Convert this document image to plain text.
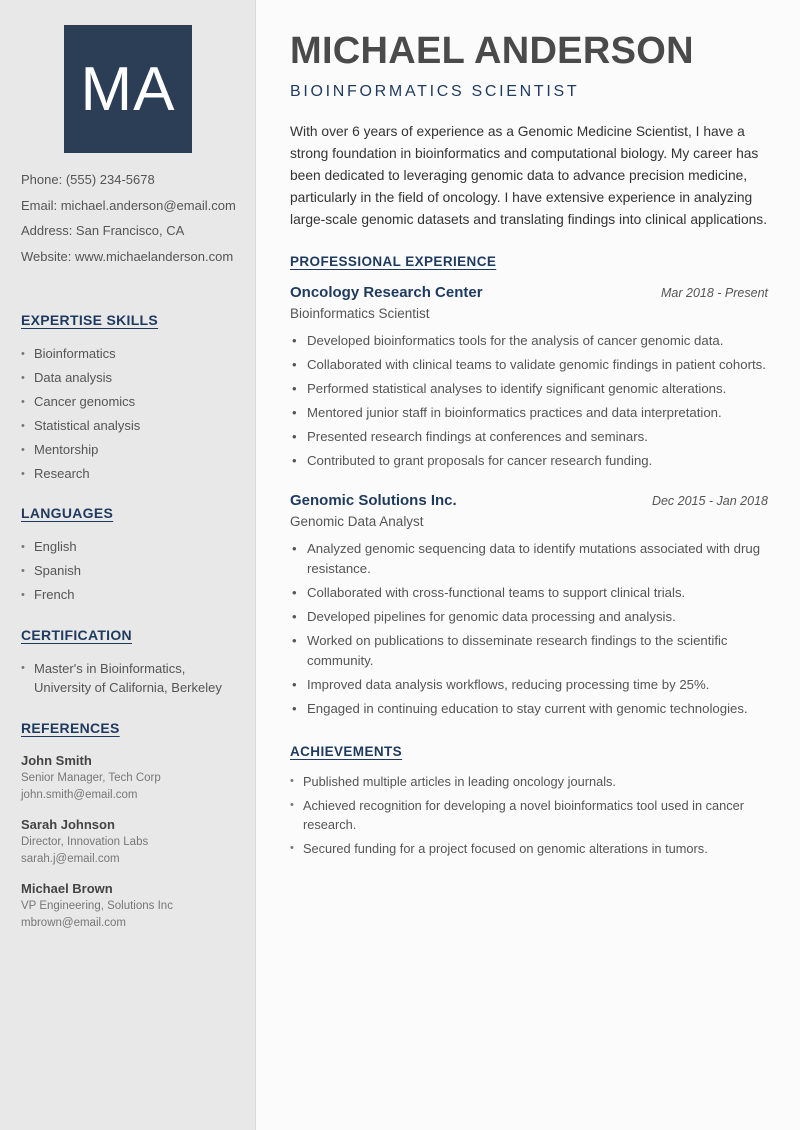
MA
Phone: (555) 234-5678
Email: michael.anderson@email.com
Address: San Francisco, CA
Website: www.michaelanderson.com
EXPERTISE SKILLS
• Bioinformatics
• Data analysis
• Cancer genomics
• Statistical analysis
• Mentorship
• Research
LANGUAGES
• English
• Spanish
• French
CERTIFICATION
• Master's in Bioinformatics, University of California, Berkeley
REFERENCES
John Smith
Senior Manager, Tech Corp
john.smith@email.com
Sarah Johnson
Director, Innovation Labs
sarah.j@email.com
Michael Brown
VP Engineering, Solutions Inc
mbrown@email.com
MICHAEL ANDERSON
BIOINFORMATICS SCIENTIST

With over 6 years of experience as a Genomic Medicine Scientist, I have a strong foundation in bioinformatics and computational biology. My career has been dedicated to leveraging genomic data to advance precision medicine, particularly in the field of oncology. I have extensive experience in analyzing large-scale genomic datasets and translating findings into clinical applications.

PROFESSIONAL EXPERIENCE
Oncology Research Center	Mar 2018 - Present
Bioinformatics Scientist
• Developed bioinformatics tools for the analysis of cancer genomic data.
• Collaborated with clinical teams to validate genomic findings in patient cohorts.
• Performed statistical analyses to identify significant genomic alterations.
• Mentored junior staff in bioinformatics practices and data interpretation.
• Presented research findings at conferences and seminars.
• Contributed to grant proposals for cancer research funding.
Genomic Solutions Inc.	Dec 2015 - Jan 2018
Genomic Data Analyst
• Analyzed genomic sequencing data to identify mutations associated with drug resistance.
• Collaborated with cross-functional teams to support clinical trials.
• Developed pipelines for genomic data processing and analysis.
• Worked on publications to disseminate research findings to the scientific community.
• Improved data analysis workflows, reducing processing time by 25%.
• Engaged in continuing education to stay current with genomic technologies.
ACHIEVEMENTS
• Published multiple articles in leading oncology journals.
• Achieved recognition for developing a novel bioinformatics tool used in cancer research.
• Secured funding for a project focused on genomic alterations in tumors.
